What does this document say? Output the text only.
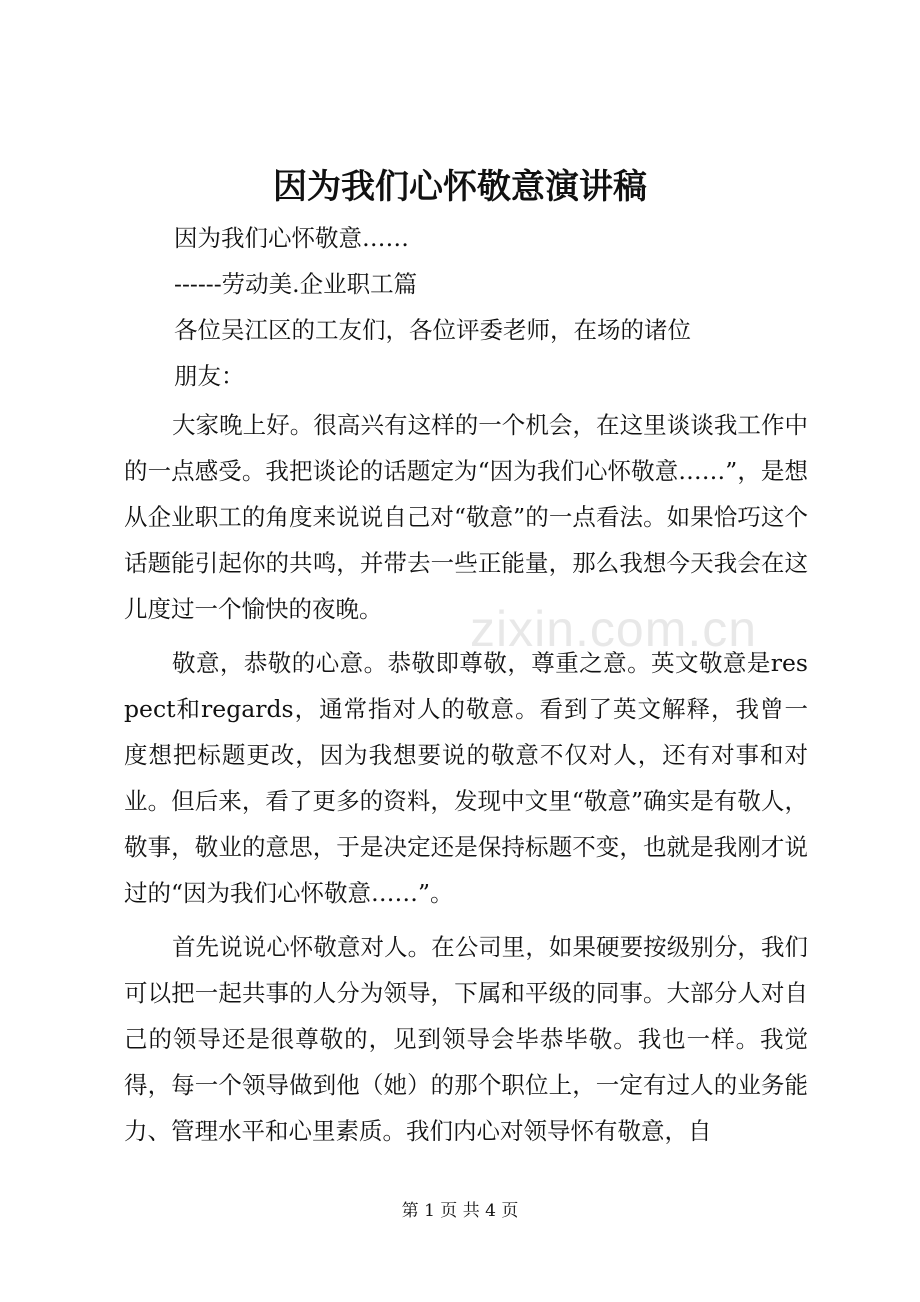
因为我们心怀敬意演讲稿

因为我们心怀敬意……

------劳动美.企业职工篇

各位吴江区的工友们，各位评委老师，在场的诸位

朋友：

大家晚上好。很高兴有这样的一个机会，在这里谈谈我工作中的一点感受。我把谈论的话题定为“因为我们心怀敬意……”，是想从企业职工的角度来说说自己对“敬意”的一点看法。如果恰巧这个话题能引起你的共鸣，并带去一些正能量，那么我想今天我会在这儿度过一个愉快的夜晚。

敬意，恭敬的心意。恭敬即尊敬，尊重之意。英文敬意是respect和regards，通常指对人的敬意。看到了英文解释，我曾一度想把标题更改，因为我想要说的敬意不仅对人，还有对事和对业。但后来，看了更多的资料，发现中文里“敬意”确实是有敬人，敬事，敬业的意思，于是决定还是保持标题不变，也就是我刚才说过的“因为我们心怀敬意……”。

首先说说心怀敬意对人。在公司里，如果硬要按级别分，我们可以把一起共事的人分为领导，下属和平级的同事。大部分人对自己的领导还是很尊敬的，见到领导会毕恭毕敬。我也一样。我觉得，每一个领导做到他（她）的那个职位上，一定有过人的业务能力、管理水平和心里素质。我们内心对领导怀有敬意，自

zixin.com.cn

第 1 页 共 4 页
